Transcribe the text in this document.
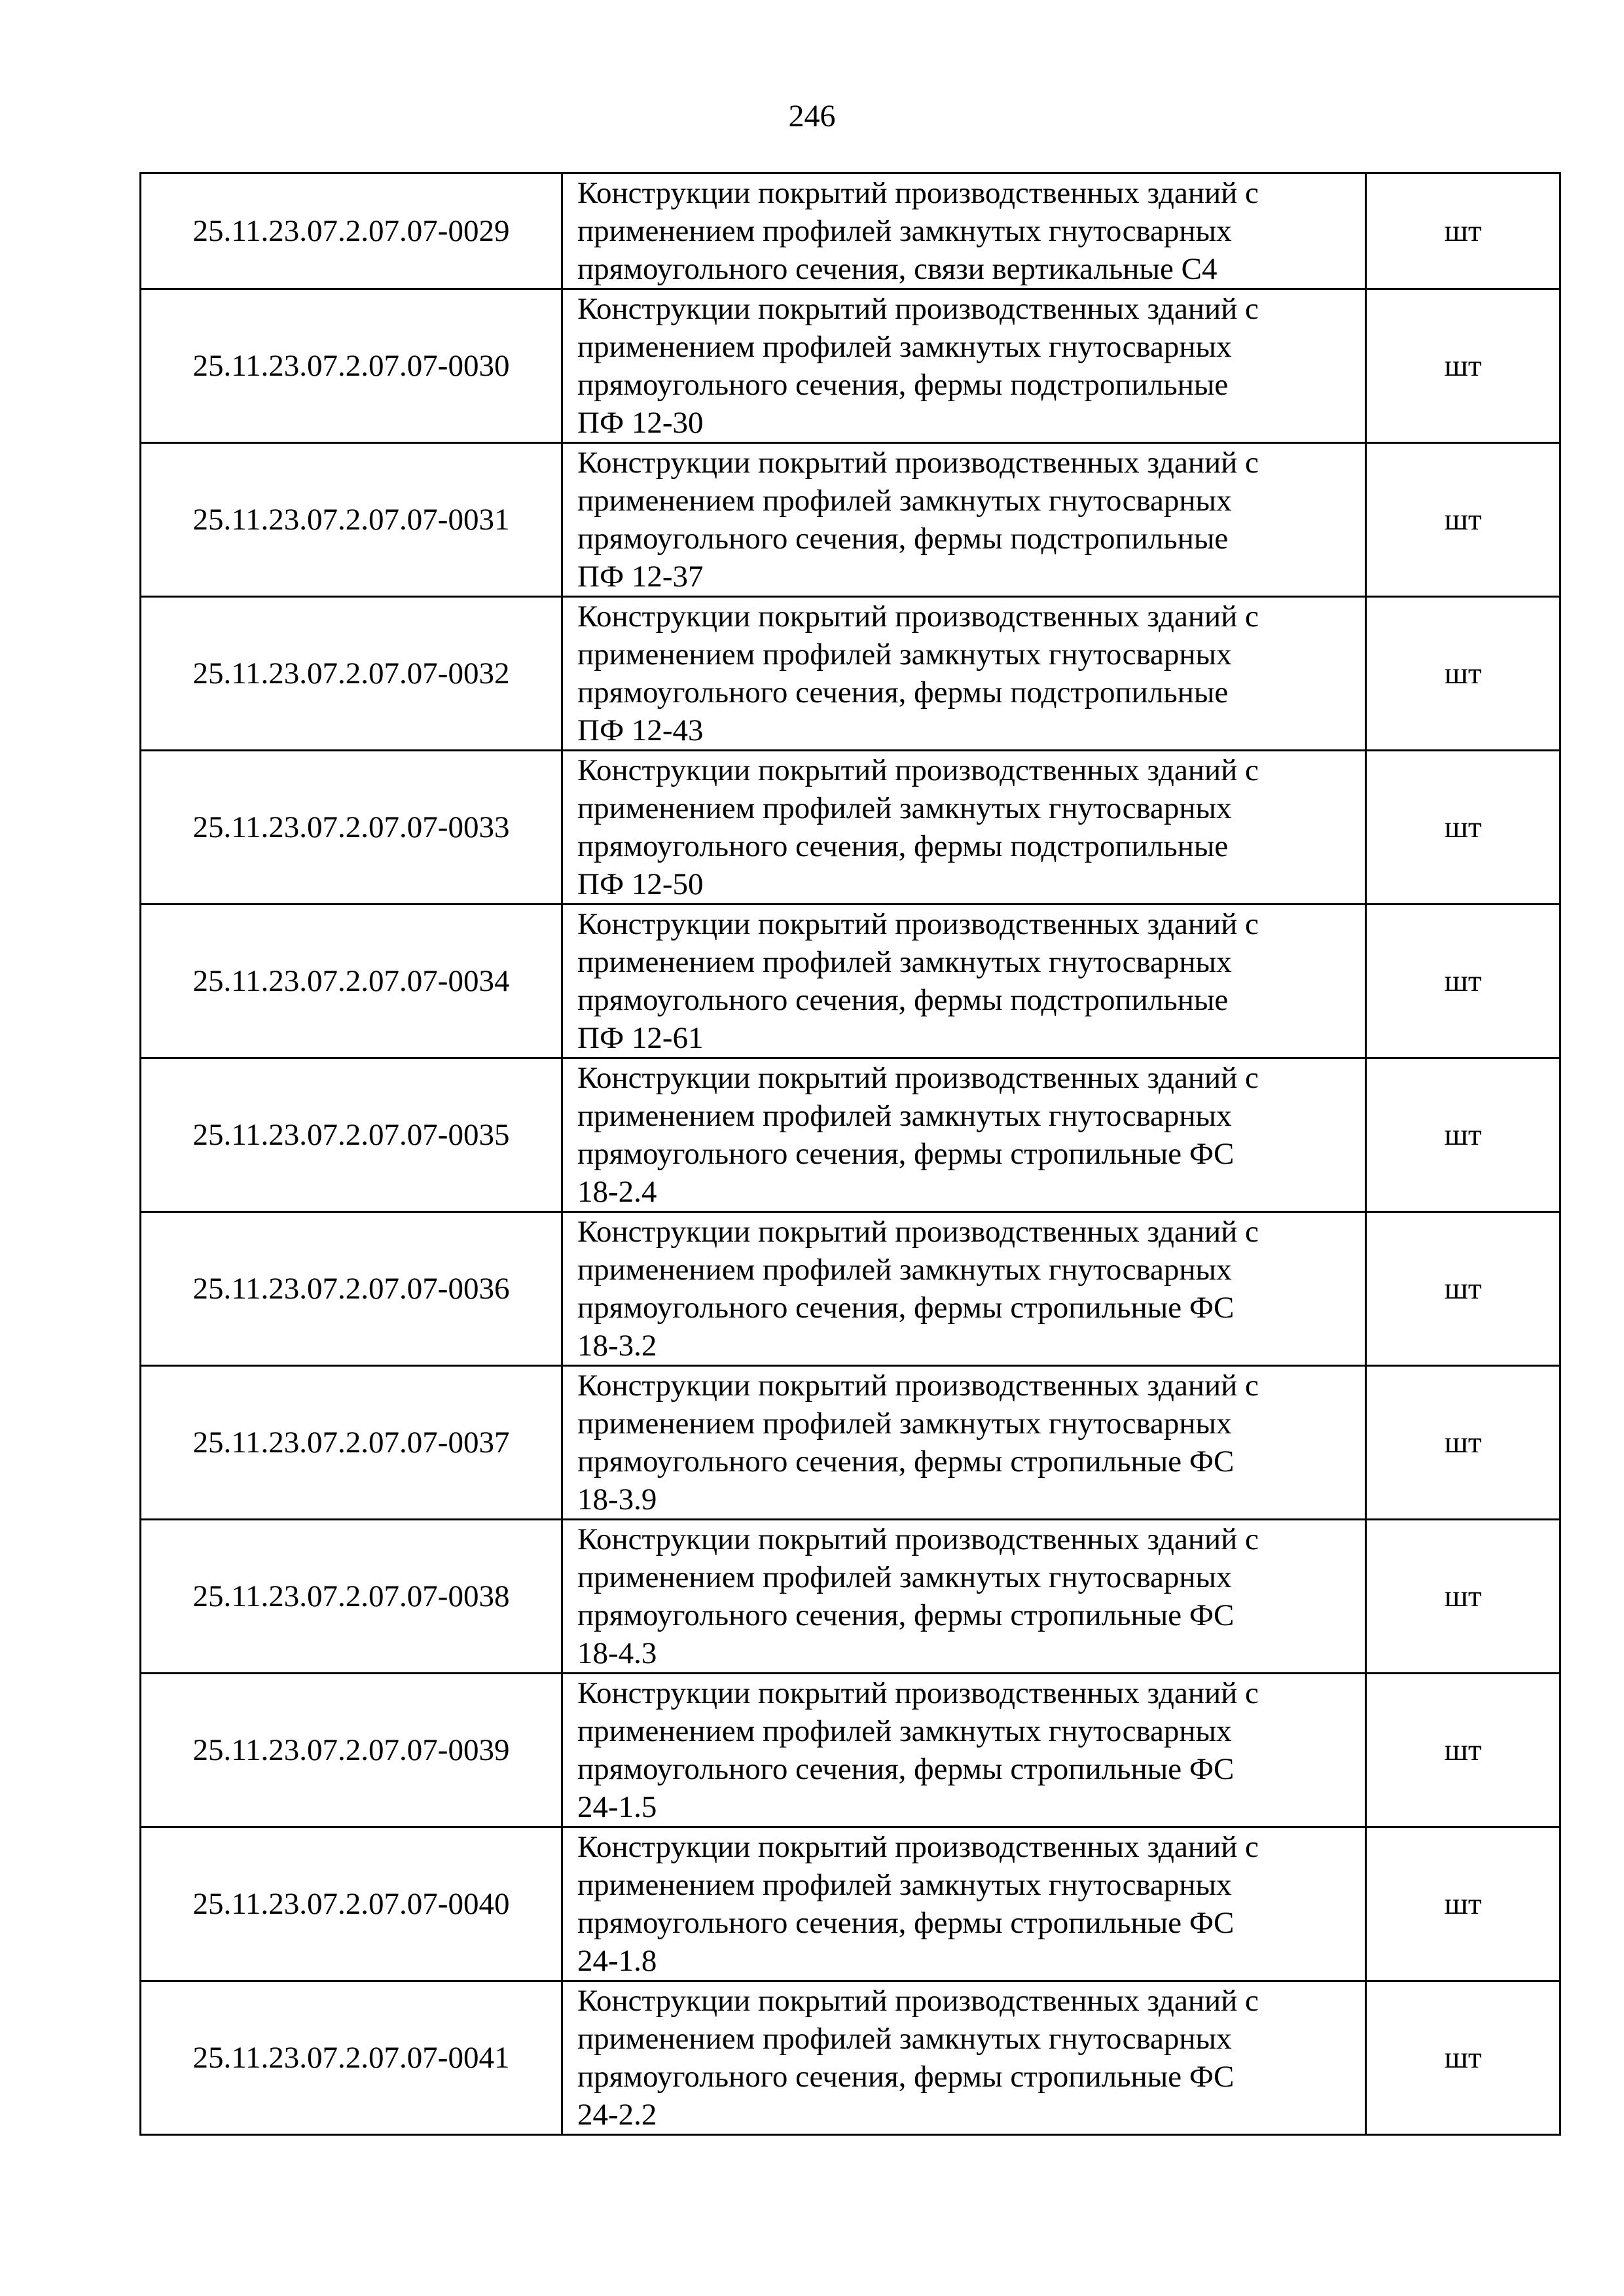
246
25.11.23.07.2.07.07-0029	Конструкции покрытий производственных зданий с
применением профилей замкнутых гнутосварных
прямоугольного сечения, связи вертикальные С4	шт
25.11.23.07.2.07.07-0030	Конструкции покрытий производственных зданий с
применением профилей замкнутых гнутосварных
прямоугольного сечения, фермы подстропильные
ПФ 12-30	шт
25.11.23.07.2.07.07-0031	Конструкции покрытий производственных зданий с
применением профилей замкнутых гнутосварных
прямоугольного сечения, фермы подстропильные
ПФ 12-37	шт
25.11.23.07.2.07.07-0032	Конструкции покрытий производственных зданий с
применением профилей замкнутых гнутосварных
прямоугольного сечения, фермы подстропильные
ПФ 12-43	шт
25.11.23.07.2.07.07-0033	Конструкции покрытий производственных зданий с
применением профилей замкнутых гнутосварных
прямоугольного сечения, фермы подстропильные
ПФ 12-50	шт
25.11.23.07.2.07.07-0034	Конструкции покрытий производственных зданий с
применением профилей замкнутых гнутосварных
прямоугольного сечения, фермы подстропильные
ПФ 12-61	шт
25.11.23.07.2.07.07-0035	Конструкции покрытий производственных зданий с
применением профилей замкнутых гнутосварных
прямоугольного сечения, фермы стропильные ФС
18-2.4	шт
25.11.23.07.2.07.07-0036	Конструкции покрытий производственных зданий с
применением профилей замкнутых гнутосварных
прямоугольного сечения, фермы стропильные ФС
18-3.2	шт
25.11.23.07.2.07.07-0037	Конструкции покрытий производственных зданий с
применением профилей замкнутых гнутосварных
прямоугольного сечения, фермы стропильные ФС
18-3.9	шт
25.11.23.07.2.07.07-0038	Конструкции покрытий производственных зданий с
применением профилей замкнутых гнутосварных
прямоугольного сечения, фермы стропильные ФС
18-4.3	шт
25.11.23.07.2.07.07-0039	Конструкции покрытий производственных зданий с
применением профилей замкнутых гнутосварных
прямоугольного сечения, фермы стропильные ФС
24-1.5	шт
25.11.23.07.2.07.07-0040	Конструкции покрытий производственных зданий с
применением профилей замкнутых гнутосварных
прямоугольного сечения, фермы стропильные ФС
24-1.8	шт
25.11.23.07.2.07.07-0041	Конструкции покрытий производственных зданий с
применением профилей замкнутых гнутосварных
прямоугольного сечения, фермы стропильные ФС
24-2.2	шт
